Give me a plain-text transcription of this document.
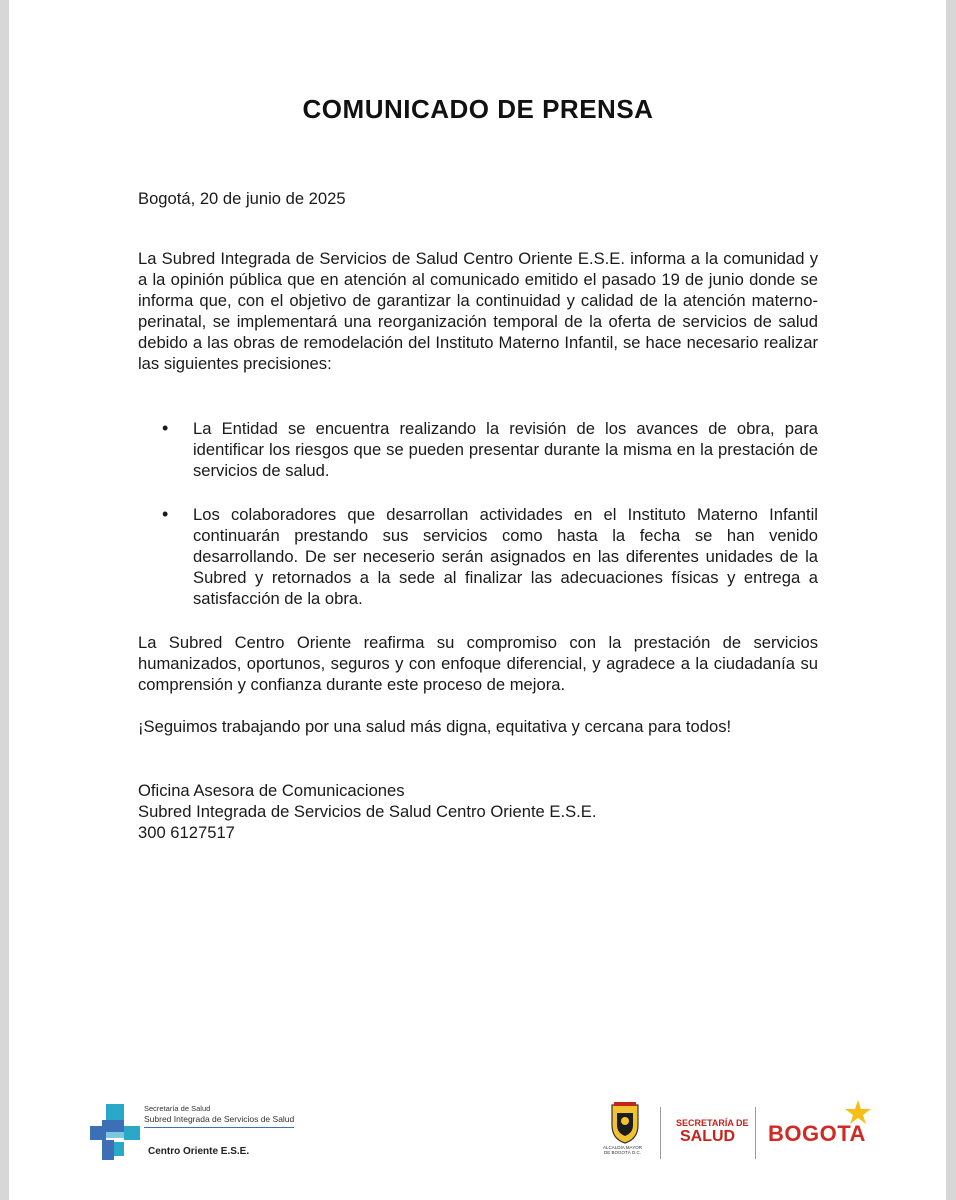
COMUNICADO DE PRENSA
Bogotá, 20 de junio de 2025
La Subred Integrada de Servicios de Salud Centro Oriente E.S.E. informa a la comunidad y a la opinión pública que en atención al comunicado emitido el pasado 19 de junio donde se informa que, con el objetivo de garantizar la continuidad y calidad de la atención materno-perinatal, se implementará una reorganización temporal de la oferta de servicios de salud debido a las obras de remodelación del Instituto Materno Infantil, se hace necesario realizar las siguientes precisiones:
• La Entidad se encuentra realizando la revisión de los avances de obra, para identificar los riesgos que se pueden presentar durante la misma en la prestación de servicios de salud.
• Los colaboradores que desarrollan actividades en el Instituto Materno Infantil continuarán prestando sus servicios como hasta la fecha se han venido desarrollando. De ser neceserio serán asignados en las diferentes unidades de la Subred y retornados a la sede al finalizar las adecuaciones físicas y entrega a satisfacción de la obra.
La Subred Centro Oriente reafirma su compromiso con la prestación de servicios humanizados, oportunos, seguros y con enfoque diferencial, y agradece a la ciudadanía su comprensión y confianza durante este proceso de mejora.
¡Seguimos trabajando por una salud más digna, equitativa y cercana para todos!
Oficina Asesora de Comunicaciones
Subred Integrada de Servicios de Salud Centro Oriente E.S.E.
300 6127517
Secretaría de Salud
Subred Integrada de Servicios de Salud
Centro Oriente E.S.E.	ALCALDÍA MAYOR DE BOGOTÁ D.C.
SECRETARÍA DE
SALUD BOGOTA
